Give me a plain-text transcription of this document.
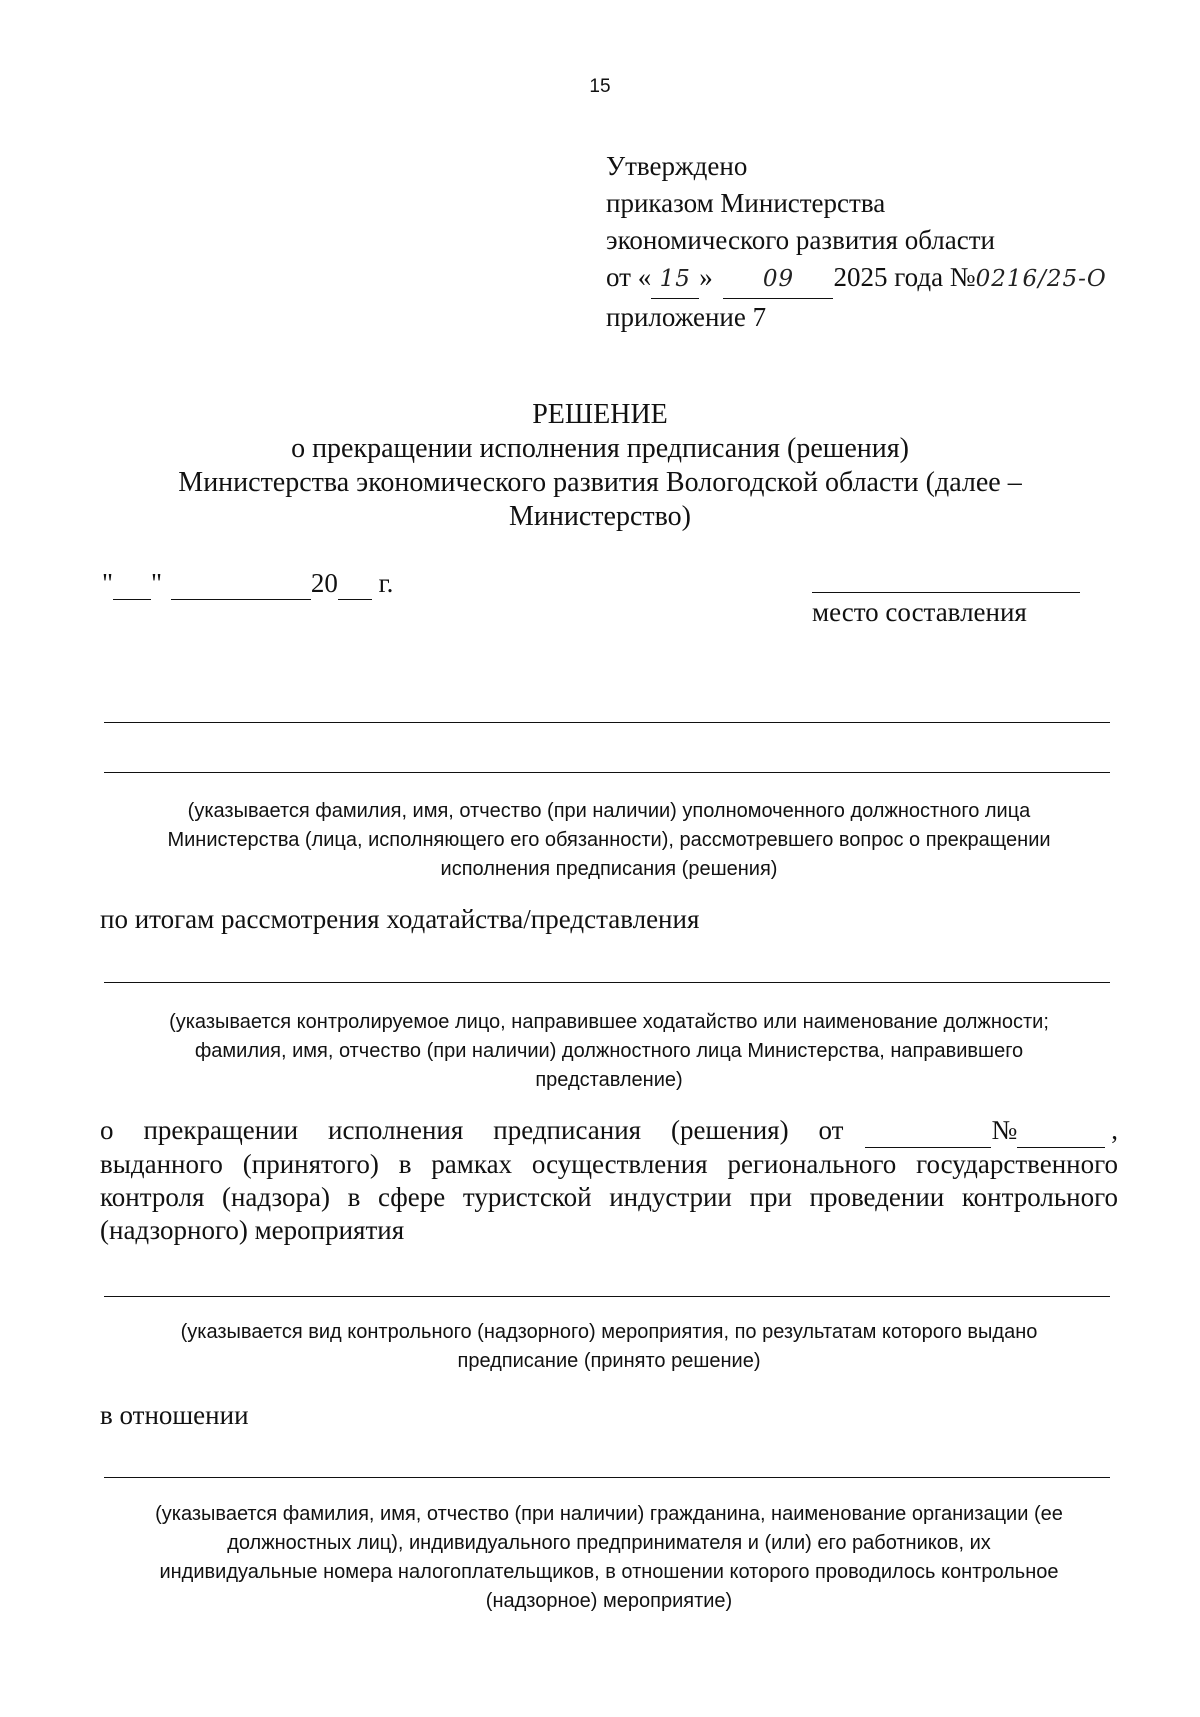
15
Утверждено
приказом Министерства
экономического развития области
от « 15 » 09 2025 года №0216/25-О
приложение 7
РЕШЕНИЕ
о прекращении исполнения предписания (решения)
Министерства экономического развития Вологодской области (далее –
Министерство)
" "	20 г.
место составления
(указывается фамилия, имя, отчество (при наличии) уполномоченного должностного лица
Министерства (лица, исполняющего его обязанности), рассмотревшего вопрос о прекращении
исполнения предписания (решения)
по итогам рассмотрения ходатайства/представления
(указывается контролируемое лицо, направившее ходатайство или наименование должности;
фамилия, имя, отчество (при наличии) должностного лица Министерства, направившего
представление)
о прекращении исполнения предписания (решения) от
	№
	,
выданного (принятого) в рамках осуществления регионального государственного
контроля (надзора) в сфере туристской индустрии при проведении контрольного
(надзорного) мероприятия
(указывается вид контрольного (надзорного) мероприятия, по результатам которого выдано
предписание (принято решение)
в отношении
(указывается фамилия, имя, отчество (при наличии) гражданина, наименование организации (ее
должностных лиц), индивидуального предпринимателя и (или) его работников, их
индивидуальные номера налогоплательщиков, в отношении которого проводилось контрольное
(надзорное) мероприятие)
